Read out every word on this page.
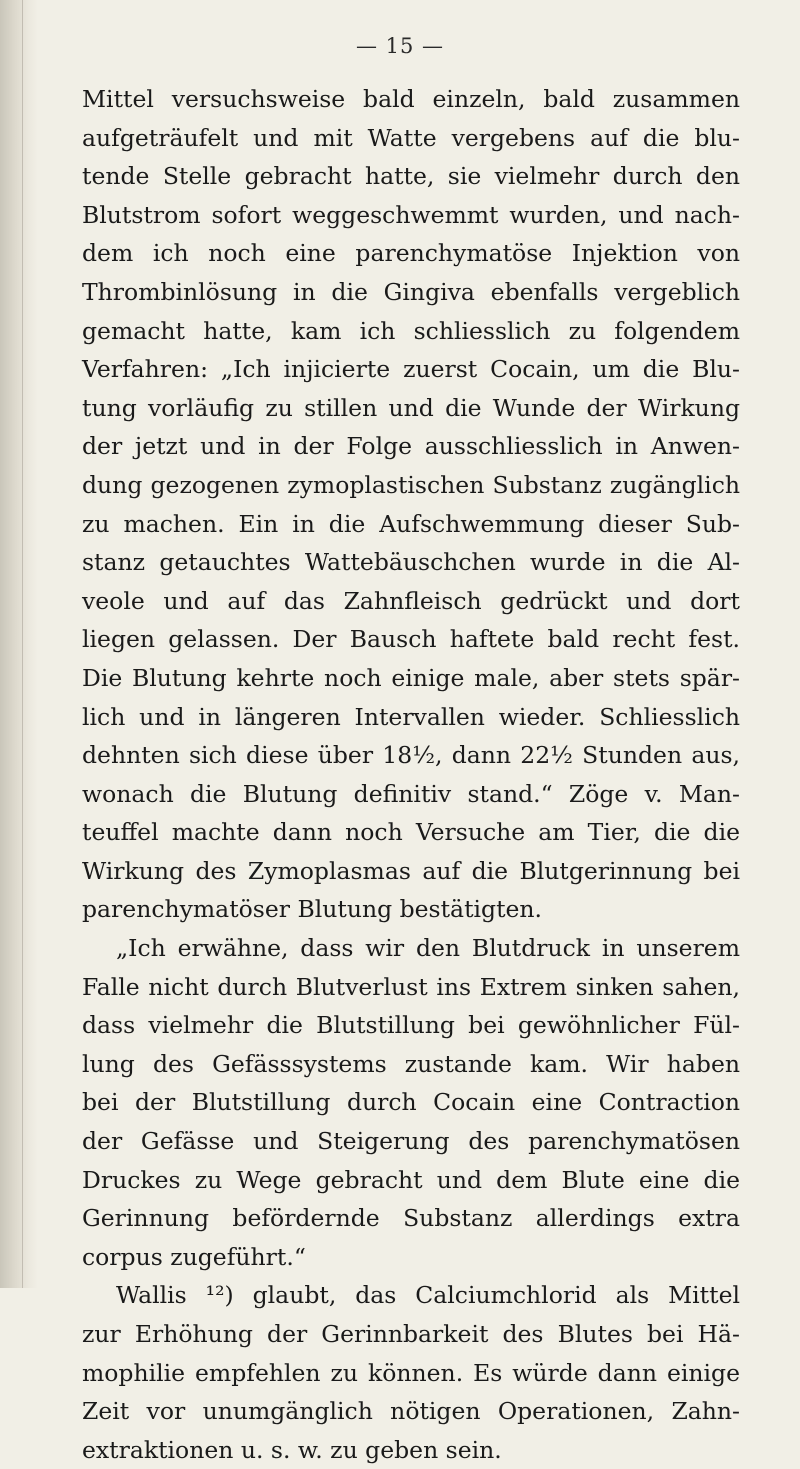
— 15 —
Mittel versuchsweise bald einzeln, bald zusammen
aufgeträufelt und mit Watte vergebens auf die blu-
tende Stelle gebracht hatte, sie vielmehr durch den
Blutstrom sofort weggeschwemmt wurden, und nach-
dem ich noch eine parenchymatöse Injektion von
Thrombinlösung in die Gingiva ebenfalls vergeblich
gemacht hatte, kam ich schliesslich zu folgendem
Verfahren: „Ich injicierte zuerst Cocain, um die Blu-
tung vorläufig zu stillen und die Wunde der Wirkung
der jetzt und in der Folge ausschliesslich in Anwen-
dung gezogenen zymoplastischen Substanz zugänglich
zu machen. Ein in die Aufschwemmung dieser Sub-
stanz getauchtes Wattebäuschchen wurde in die Al-
veole und auf das Zahnfleisch gedrückt und dort
liegen gelassen. Der Bausch haftete bald recht fest.
Die Blutung kehrte noch einige male, aber stets spär-
lich und in längeren Intervallen wieder. Schliesslich
dehnten sich diese über 18½, dann 22½ Stunden aus,
wonach die Blutung definitiv stand.“ Zöge v. Man-
teuffel machte dann noch Versuche am Tier, die die
Wirkung des Zymoplasmas auf die Blutgerinnung bei
parenchymatöser Blutung bestätigten.
„Ich erwähne, dass wir den Blutdruck in unserem
Falle nicht durch Blutverlust ins Extrem sinken sahen,
dass vielmehr die Blutstillung bei gewöhnlicher Fül-
lung des Gefässsystems zustande kam. Wir haben
bei der Blutstillung durch Cocain eine Contraction
der Gefässe und Steigerung des parenchymatösen
Druckes zu Wege gebracht und dem Blute eine die
Gerinnung befördernde Substanz allerdings extra
corpus zugeführt.“
Wallis ¹²) glaubt, das Calciumchlorid als Mittel
zur Erhöhung der Gerinnbarkeit des Blutes bei Hä-
mophilie empfehlen zu können. Es würde dann einige
Zeit vor unumgänglich nötigen Operationen, Zahn-
extraktionen u. s. w. zu geben sein.
